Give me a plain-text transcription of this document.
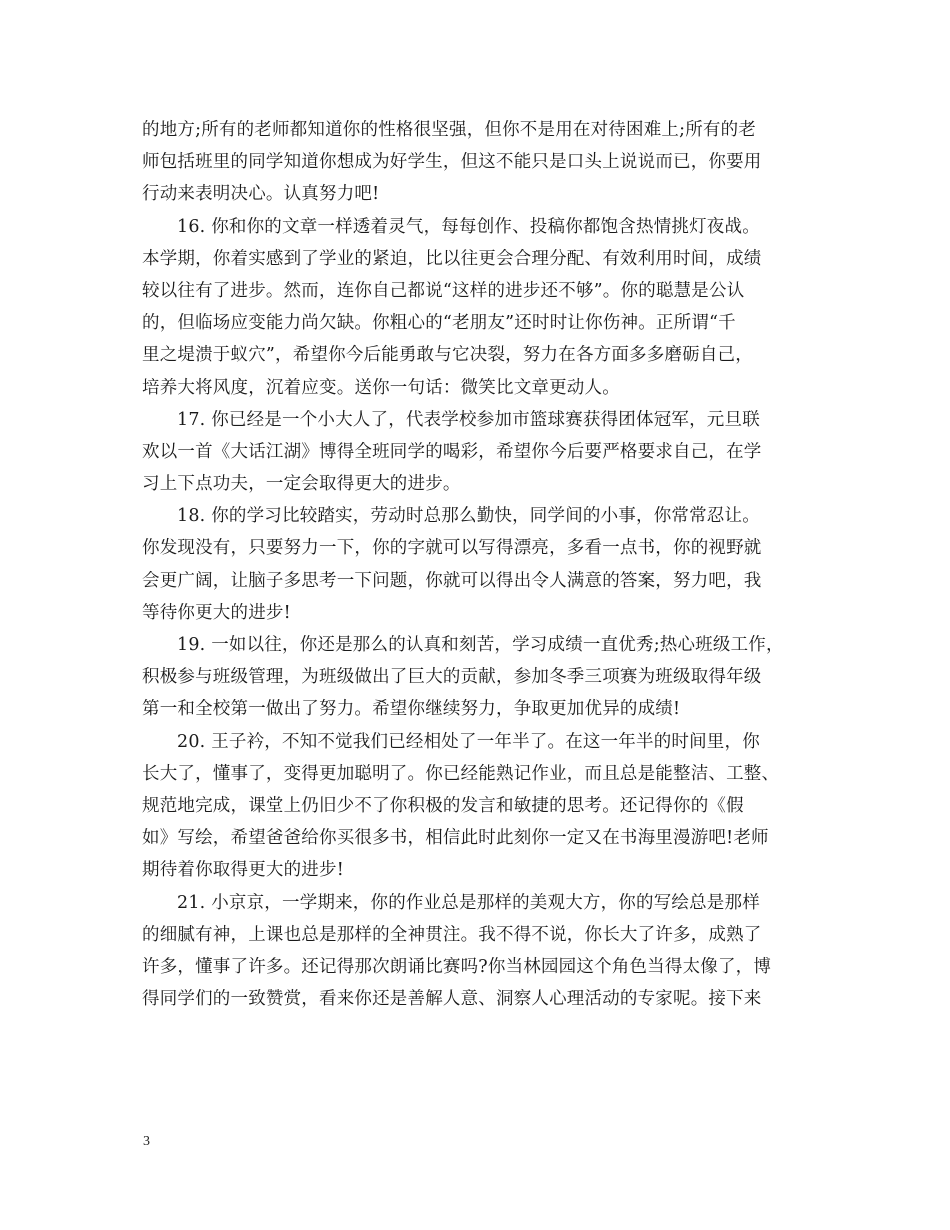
的地方;所有的老师都知道你的性格很坚强，但你不是用在对待困难上;所有的老
师包括班里的同学知道你想成为好学生，但这不能只是口头上说说而已，你要用
行动来表明决心。认真努力吧!
16. 你和你的文章一样透着灵气，每每创作、投稿你都饱含热情挑灯夜战。
本学期，你着实感到了学业的紧迫，比以往更会合理分配、有效利用时间，成绩
较以往有了进步。然而，连你自己都说“这样的进步还不够”。你的聪慧是公认
的，但临场应变能力尚欠缺。你粗心的“老朋友”还时时让你伤神。正所谓“千
里之堤溃于蚁穴”，希望你今后能勇敢与它决裂，努力在各方面多多磨砺自己，
培养大将风度，沉着应变。送你一句话：微笑比文章更动人。
17. 你已经是一个小大人了，代表学校参加市篮球赛获得团体冠军，元旦联
欢以一首《大话江湖》博得全班同学的喝彩，希望你今后要严格要求自己，在学
习上下点功夫，一定会取得更大的进步。
18. 你的学习比较踏实，劳动时总那么勤快，同学间的小事，你常常忍让。
你发现没有，只要努力一下，你的字就可以写得漂亮，多看一点书，你的视野就
会更广阔，让脑子多思考一下问题，你就可以得出令人满意的答案，努力吧，我
等待你更大的进步!
19. 一如以往，你还是那么的认真和刻苦，学习成绩一直优秀;热心班级工作，
积极参与班级管理，为班级做出了巨大的贡献，参加冬季三项赛为班级取得年级
第一和全校第一做出了努力。希望你继续努力，争取更加优异的成绩!
20. 王子衿，不知不觉我们已经相处了一年半了。在这一年半的时间里，你
长大了，懂事了，变得更加聪明了。你已经能熟记作业，而且总是能整洁、工整、
规范地完成，课堂上仍旧少不了你积极的发言和敏捷的思考。还记得你的《假
如》写绘，希望爸爸给你买很多书，相信此时此刻你一定又在书海里漫游吧!老师
期待着你取得更大的进步!
21. 小京京，一学期来，你的作业总是那样的美观大方，你的写绘总是那样
的细腻有神，上课也总是那样的全神贯注。我不得不说，你长大了许多，成熟了
许多，懂事了许多。还记得那次朗诵比赛吗?你当林园园这个角色当得太像了，博
得同学们的一致赞赏，看来你还是善解人意、洞察人心理活动的专家呢。接下来
3
